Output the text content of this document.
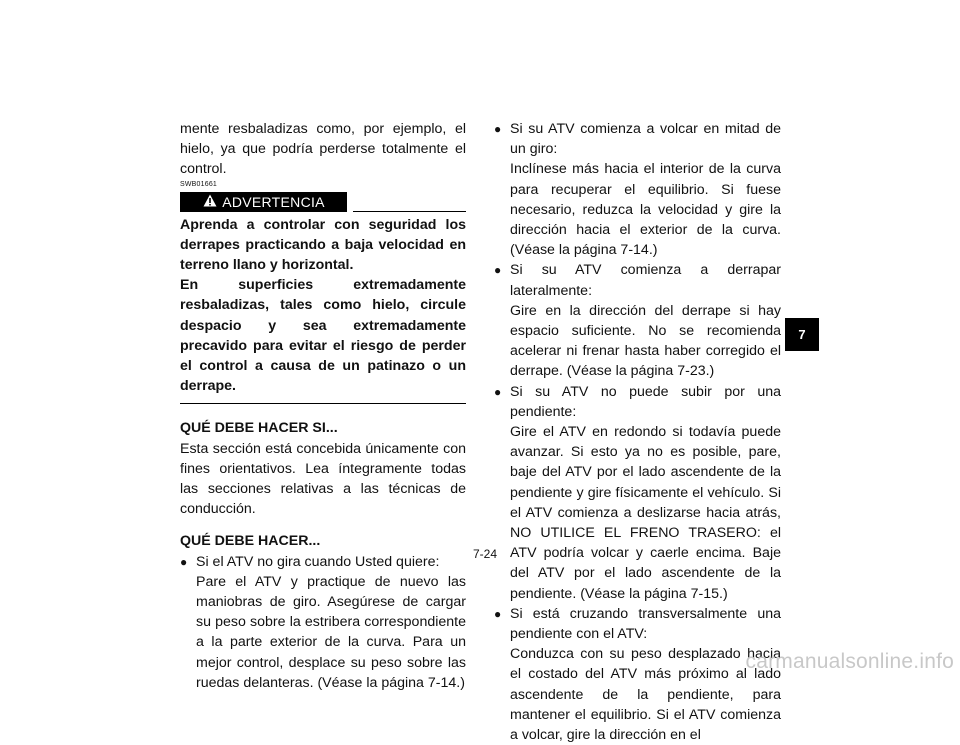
mente resbaladizas como, por ejemplo, el hielo, ya que podría perderse totalmente el control.
SWB01661
ADVERTENCIA
Aprenda a controlar con seguridad los derrapes practicando a baja velocidad en terreno llano y horizontal.
En superficies extremadamente resbaladizas, tales como hielo, circule despacio y sea extremadamente precavido para evitar el riesgo de perder el control a causa de un patinazo o un derrape.
QUÉ DEBE HACER SI...
Esta sección está concebida únicamente con fines orientativos. Lea íntegramente todas las secciones relativas a las técnicas de conducción.
QUÉ DEBE HACER...
● Si el ATV no gira cuando Usted quiere:
Pare el ATV y practique de nuevo las maniobras de giro. Asegúrese de cargar su peso sobre la estribera correspondiente a la parte exterior de la curva. Para un mejor control, desplace su peso sobre las ruedas delanteras. (Véase la página 7-14.)
● Si su ATV comienza a volcar en mitad de un giro:
Inclínese más hacia el interior de la curva para recuperar el equilibrio. Si fuese necesario, reduzca la velocidad y gire la dirección hacia el exterior de la curva. (Véase la página 7-14.)
● Si su ATV comienza a derrapar lateralmente:
Gire en la dirección del derrape si hay espacio suficiente. No se recomienda acelerar ni frenar hasta haber corregido el derrape. (Véase la página 7-23.)
● Si su ATV no puede subir por una pendiente:
Gire el ATV en redondo si todavía puede avanzar. Si esto ya no es posible, pare, baje del ATV por el lado ascendente de la pendiente y gire físicamente el vehículo. Si el ATV comienza a deslizarse hacia atrás, NO UTILICE EL FRENO TRASERO: el ATV podría volcar y caerle encima. Baje del ATV por el lado ascendente de la pendiente. (Véase la página 7-15.)
● Si está cruzando transversalmente una pendiente con el ATV:
Conduzca con su peso desplazado hacia el costado del ATV más próximo al lado ascendente de la pendiente, para mantener el equilibrio. Si el ATV comienza a volcar, gire la dirección en el
7
7-24
carmanualsonline.info
